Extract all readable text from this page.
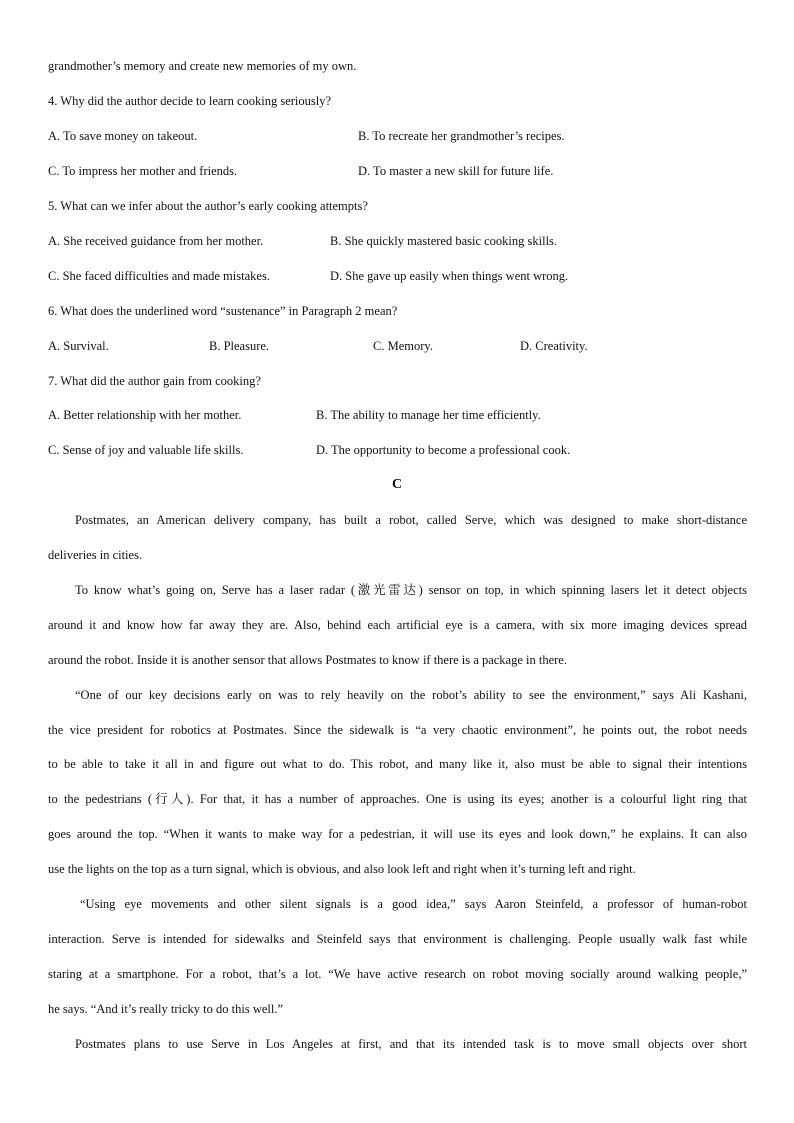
grandmother’s memory and create new memories of my own.
4. Why did the author decide to learn cooking seriously?
A. To save money on takeout.	B. To recreate her grandmother’s recipes.
C. To impress her mother and friends.	D. To master a new skill for future life.
5. What can we infer about the author’s early cooking attempts?
A. She received guidance from her mother.	B. She quickly mastered basic cooking skills.
C. She faced difficulties and made mistakes.	D. She gave up easily when things went wrong.
6. What does the underlined word “sustenance” in Paragraph 2 mean?
A. Survival.	B. Pleasure.	C. Memory.	D. Creativity.
7. What did the author gain from cooking?
A. Better relationship with her mother.	B. The ability to manage her time efficiently.
C. Sense of joy and valuable life skills.	D. The opportunity to become a professional cook.
C
Postmates, an American delivery company, has built a robot, called Serve, which was designed to make short-distance
deliveries in cities.
To know what’s going on, Serve has a laser radar (激光雷达) sensor on top, in which spinning lasers let it detect objects
around it and know how far away they are. Also, behind each artificial eye is a camera, with six more imaging devices spread
around the robot. Inside it is another sensor that allows Postmates to know if there is a package in there.
“One of our key decisions early on was to rely heavily on the robot’s ability to see the environment,” says Ali Kashani,
the vice president for robotics at Postmates. Since the sidewalk is “a very chaotic environment”, he points out, the robot needs
to be able to take it all in and figure out what to do. This robot, and many like it, also must be able to signal their intentions
to the pedestrians (行人). For that, it has a number of approaches. One is using its eyes; another is a colourful light ring that
goes around the top. “When it wants to make way for a pedestrian, it will use its eyes and look down,” he explains. It can also
use the lights on the top as a turn signal, which is obvious, and also look left and right when it’s turning left and right.
“Using eye movements and other silent signals is a good idea,” says Aaron Steinfeld, a professor of human-robot
interaction. Serve is intended for sidewalks and Steinfeld says that environment is challenging. People usually walk fast while
staring at a smartphone. For a robot, that’s a lot. “We have active research on robot moving socially around walking people,”
he says. “And it’s really tricky to do this well.”
Postmates plans to use Serve in Los Angeles at first, and that its intended task is to move small objects over short
